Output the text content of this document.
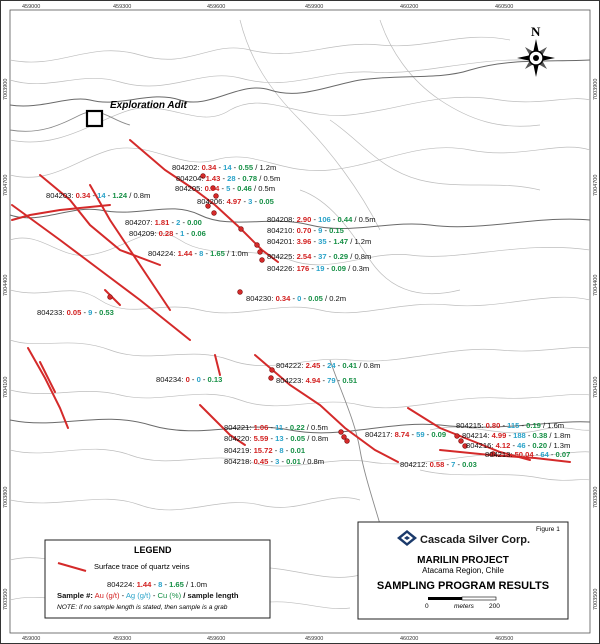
459000	459300	459600	459900	460200	460500
459000	459300	459600	459900	460200	460500
7003900
7004700
7004400
7004100
7003800
7003500
7003900
7004700
7004400
7004100
7003800
7003500
Exploration Adit
N
804202: 0.34 - 14 - 0.55 / 1.2m
804204: 1.43 - 28 - 0.78 / 0.5m
804205: 0.34 - 5 - 0.46 / 0.5m
804206: 4.97 - 3 - 0.05
804203: 0.34 - 14 - 1.24 / 0.8m
804207: 1.81 - 2 - 0.00
804209: 0.28 - 1 - 0.06
804208: 2.90 - 106 - 0.44 / 0.5m
804210: 0.70 - 9 - 0.15
804201: 3.96 - 35 - 1.47 / 1.2m
804224: 1.44 - 8 - 1.65 / 1.0m 804225: 2.54 - 37 - 0.29 / 0.8m
804226: 176 - 19 - 0.09 / 0.3m
804230: 0.34 - 0 - 0.05 / 0.2m
804233: 0.05 - 9 - 0.53
804222: 2.45 - 24 - 0.41 / 0.8m
804223: 4.94 - 79 - 0.51
804234: 0 - 0 - 0.13
804221: 1.06 - 11 - 0.22 / 0.5m
804220: 5.59 - 13 - 0.05 / 0.8m
804219: 15.72 - 8 - 0.01
804218: 0.45 - 3 - 0.01 / 0.8m
804217: 8.74 - 59 - 0.09
804215: 0.80 - 115 - 0.19 / 1.6m
804214: 4.99 - 188 - 0.38 / 1.8m
804216: 4.12 - 46 - 0.20 / 1.3m
804213: 50.04 - 64 - 0.07
804212: 0.58 - 7 - 0.03
LEGEND
Surface trace of quartz veins
804224: 1.44 - 8 - 1.65 / 1.0m
Sample #: Au (g/t) - Ag (g/t) - Cu (%) / sample length
NOTE: if no sample length is stated, then sample is a grab
Figure 1
Cascada Silver Corp.
MARILIN PROJECT
Atacama Region, Chile
SAMPLING PROGRAM RESULTS
0	meters 200
